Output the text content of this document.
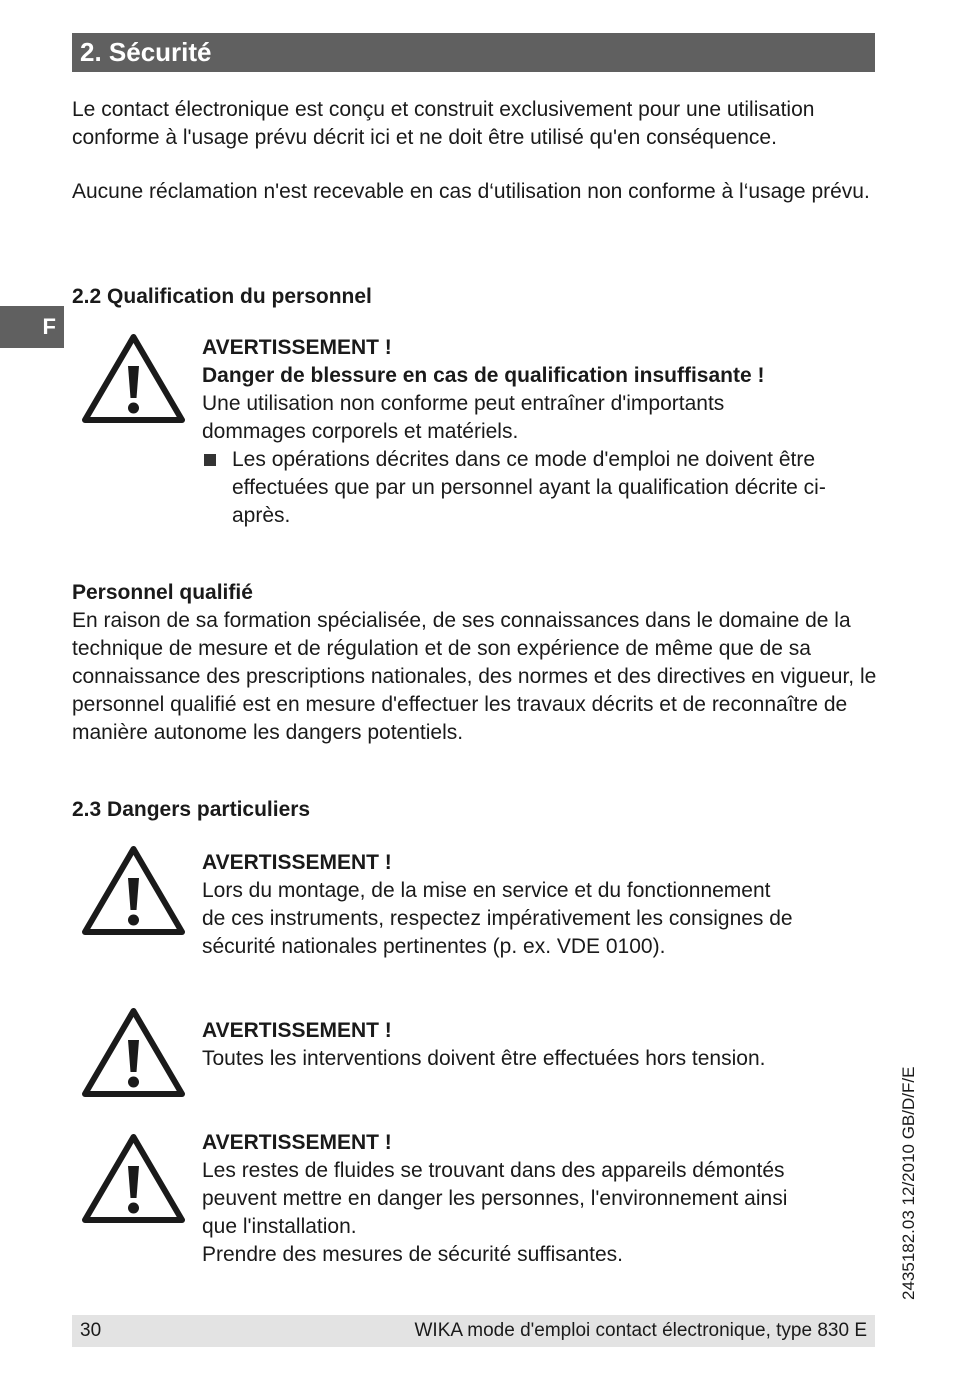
2. Sécurité
F

Le contact électronique est conçu et construit exclusivement pour une utilisation conforme à l'usage prévu décrit ici et ne doit être utilisé qu'en conséquence.

Aucune réclamation n'est recevable en cas d‘utilisation non conforme à l‘usage prévu.

2.2 Qualification du personnel

AVERTISSEMENT !
Danger de blessure en cas de qualification insuffisante !
Une utilisation non conforme peut entraîner d'importants
dommages corporels et matériels.
Les opérations décrites dans ce mode d'emploi ne doivent être effectuées que par un personnel ayant la qualification décrite ci-après.

Personnel qualifié

En raison de sa formation spécialisée, de ses connaissances dans le domaine de la technique de mesure et de régulation et de son expérience de même que de sa connaissance des prescriptions nationales, des normes et des directives en vigueur, le personnel qualifié est en mesure d'effectuer les travaux décrits et de reconnaître de manière autonome les dangers potentiels.

2.3 Dangers particuliers

AVERTISSEMENT !
Lors du montage, de la mise en service et du fonctionnement
de ces instruments, respectez impérativement les consignes de
sécurité nationales pertinentes (p. ex. VDE 0100).
AVERTISSEMENT !
Toutes les interventions doivent être effectuées hors tension.
AVERTISSEMENT !
Les restes de fluides se trouvant dans des appareils démontés
peuvent mettre en danger les personnes, l'environnement ainsi
que l'installation.
Prendre des mesures de sécurité suffisantes.	2435182.03 12/2010 GB/D/F/E
30	WIKA mode d'emploi contact électronique, type 830 E
